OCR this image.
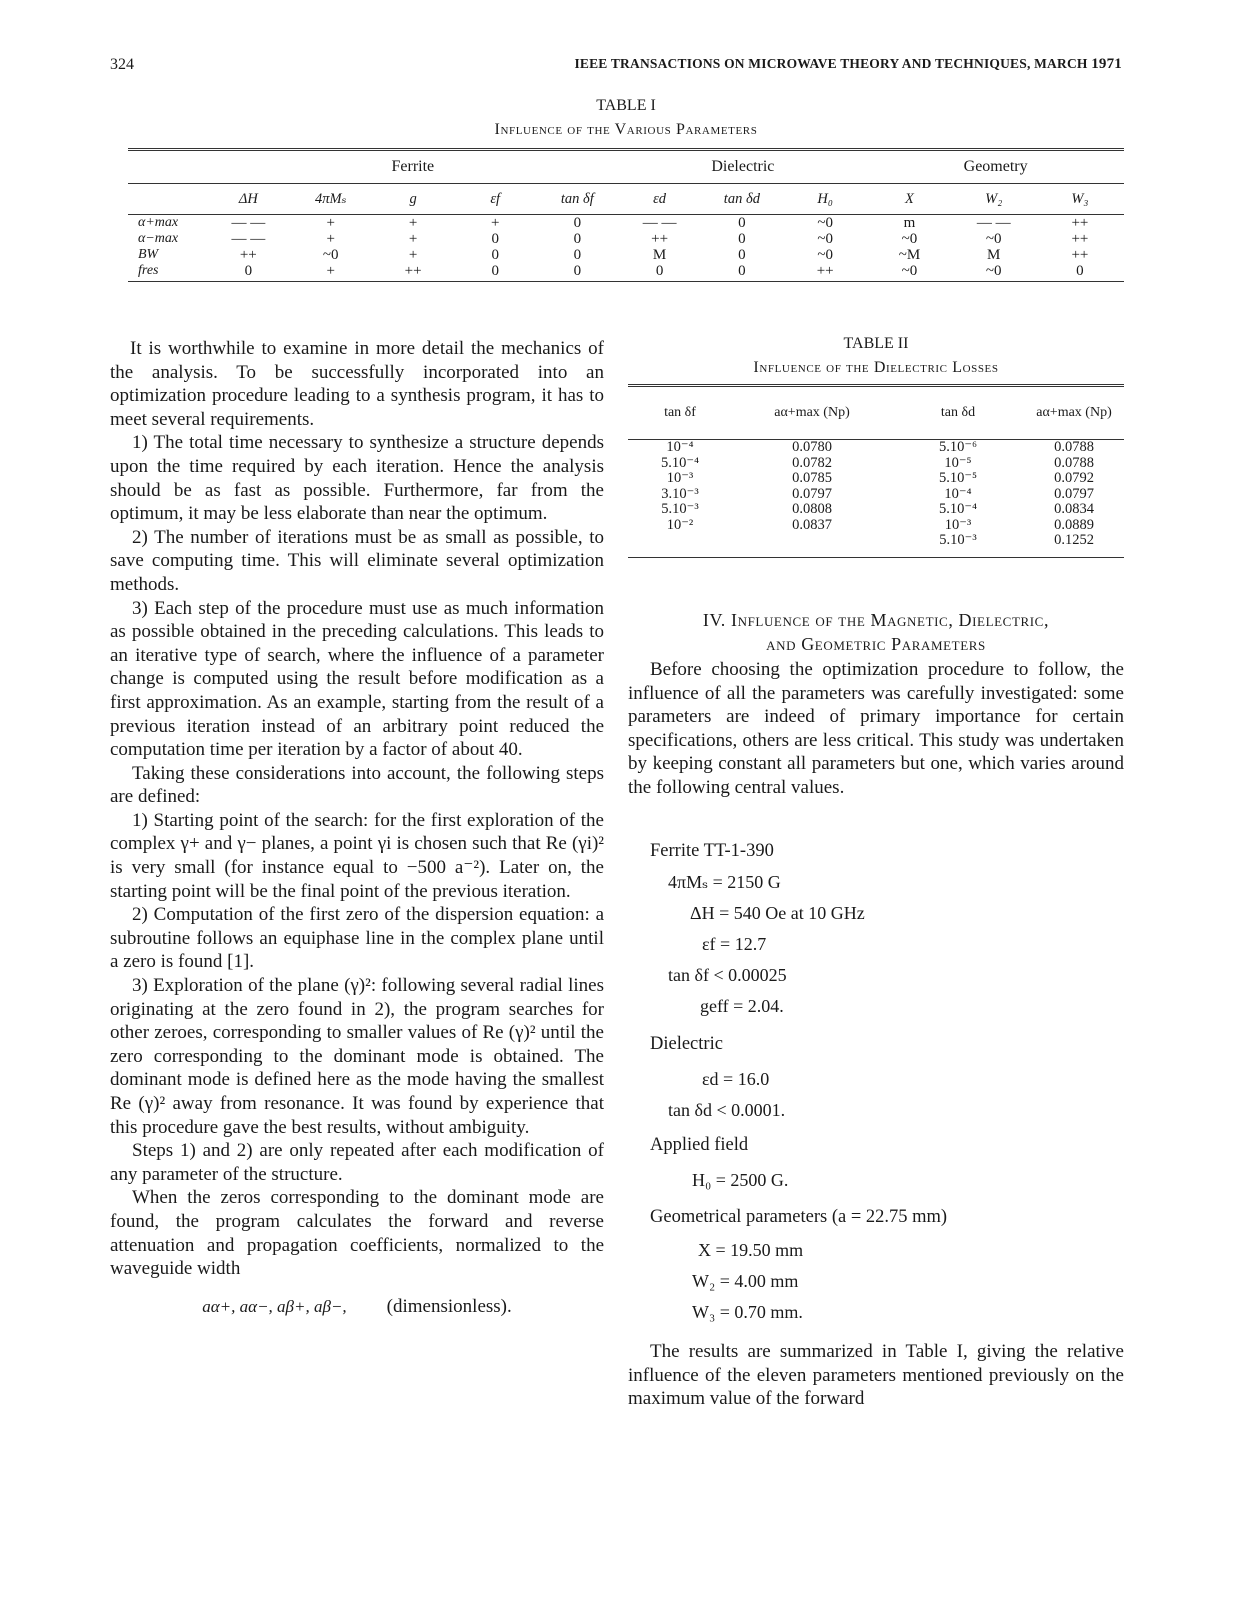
324	IEEE TRANSACTIONS ON MICROWAVE THEORY AND TECHNIQUES, MARCH 1971
TABLE I
Influence of the Various Parameters
	Ferrite					Dielectric			Geometry		
	ΔH	4πMₛ	g	εf	tan δf	εd	tan δd	H₀	X	W₂	W₃
α+max	— —	+	+	+	0	— —	0	~0	m	— —	++
α−max	— —	+	+	0	0	++	0	~0	~0	~0	++
BW	++	~0	+	0	0	M	0	~0	~M	M	++
fres	0	+	++	0	0	0	0	++	~0	~0	0

It is worthwhile to examine in more detail the mechanics of the analysis. To be successfully incorporated into an optimization procedure leading to a synthesis program, it has to meet several requirements.

1) The total time necessary to synthesize a structure depends upon the time required by each iteration. Hence the analysis should be as fast as possible. Furthermore, far from the optimum, it may be less elaborate than near the optimum.

2) The number of iterations must be as small as possible, to save computing time. This will eliminate several optimization methods.

3) Each step of the procedure must use as much information as possible obtained in the preceding calculations. This leads to an iterative type of search, where the influence of a parameter change is computed using the result before modification as a first approximation. As an example, starting from the result of a previous iteration instead of an arbitrary point reduced the computation time per iteration by a factor of about 40.

Taking these considerations into account, the following steps are defined:

1) Starting point of the search: for the first exploration of the complex γ+ and γ− planes, a point γi is chosen such that Re (γi)² is very small (for instance equal to −500 a⁻²). Later on, the starting point will be the final point of the previous iteration.

2) Computation of the first zero of the dispersion equation: a subroutine follows an equiphase line in the complex plane until a zero is found [1].

3) Exploration of the plane (γ)²: following several radial lines originating at the zero found in 2), the program searches for other zeroes, corresponding to smaller values of Re (γ)² until the zero corresponding to the dominant mode is obtained. The dominant mode is defined here as the mode having the smallest Re (γ)² away from resonance. It was found by experience that this procedure gave the best results, without ambiguity.

Steps 1) and 2) are only repeated after each modification of any parameter of the structure.

When the zeros corresponding to the dominant mode are found, the program calculates the forward and reverse attenuation and propagation coefficients, normalized to the waveguide width

aα+, aα−, aβ+, aβ−, (dimensionless).
TABLE II
Influence of the Dielectric Losses
tan δf	aα+max (Np)	tan δd	aα+max (Np)
10⁻⁴	0.0780	5.10⁻⁶	0.0788
5.10⁻⁴	0.0782	10⁻⁵	0.0788
10⁻³	0.0785	5.10⁻⁵	0.0792
3.10⁻³	0.0797	10⁻⁴	0.0797
5.10⁻³	0.0808	5.10⁻⁴	0.0834
10⁻²	0.0837	10⁻³	0.0889
		5.10⁻³	0.1252
IV. Influence of the Magnetic, Dielectric,
and Geometric Parameters

Before choosing the optimization procedure to follow, the influence of all the parameters was carefully investigated: some parameters are indeed of primary importance for certain specifications, others are less critical. This study was undertaken by keeping constant all parameters but one, which varies around the following central values.

Ferrite TT-1-390
4πMₛ = 2150 G
ΔH = 540 Oe at 10 GHz
εf = 12.7
tan δf < 0.00025
geff = 2.04.
Dielectric
εd = 16.0
tan δd < 0.0001.
Applied field
H₀ = 2500 G.
Geometrical parameters (a = 22.75 mm)
X = 19.50 mm
W₂ = 4.00 mm
W₃ = 0.70 mm.

The results are summarized in Table I, giving the relative influence of the eleven parameters mentioned previously on the maximum value of the forward
